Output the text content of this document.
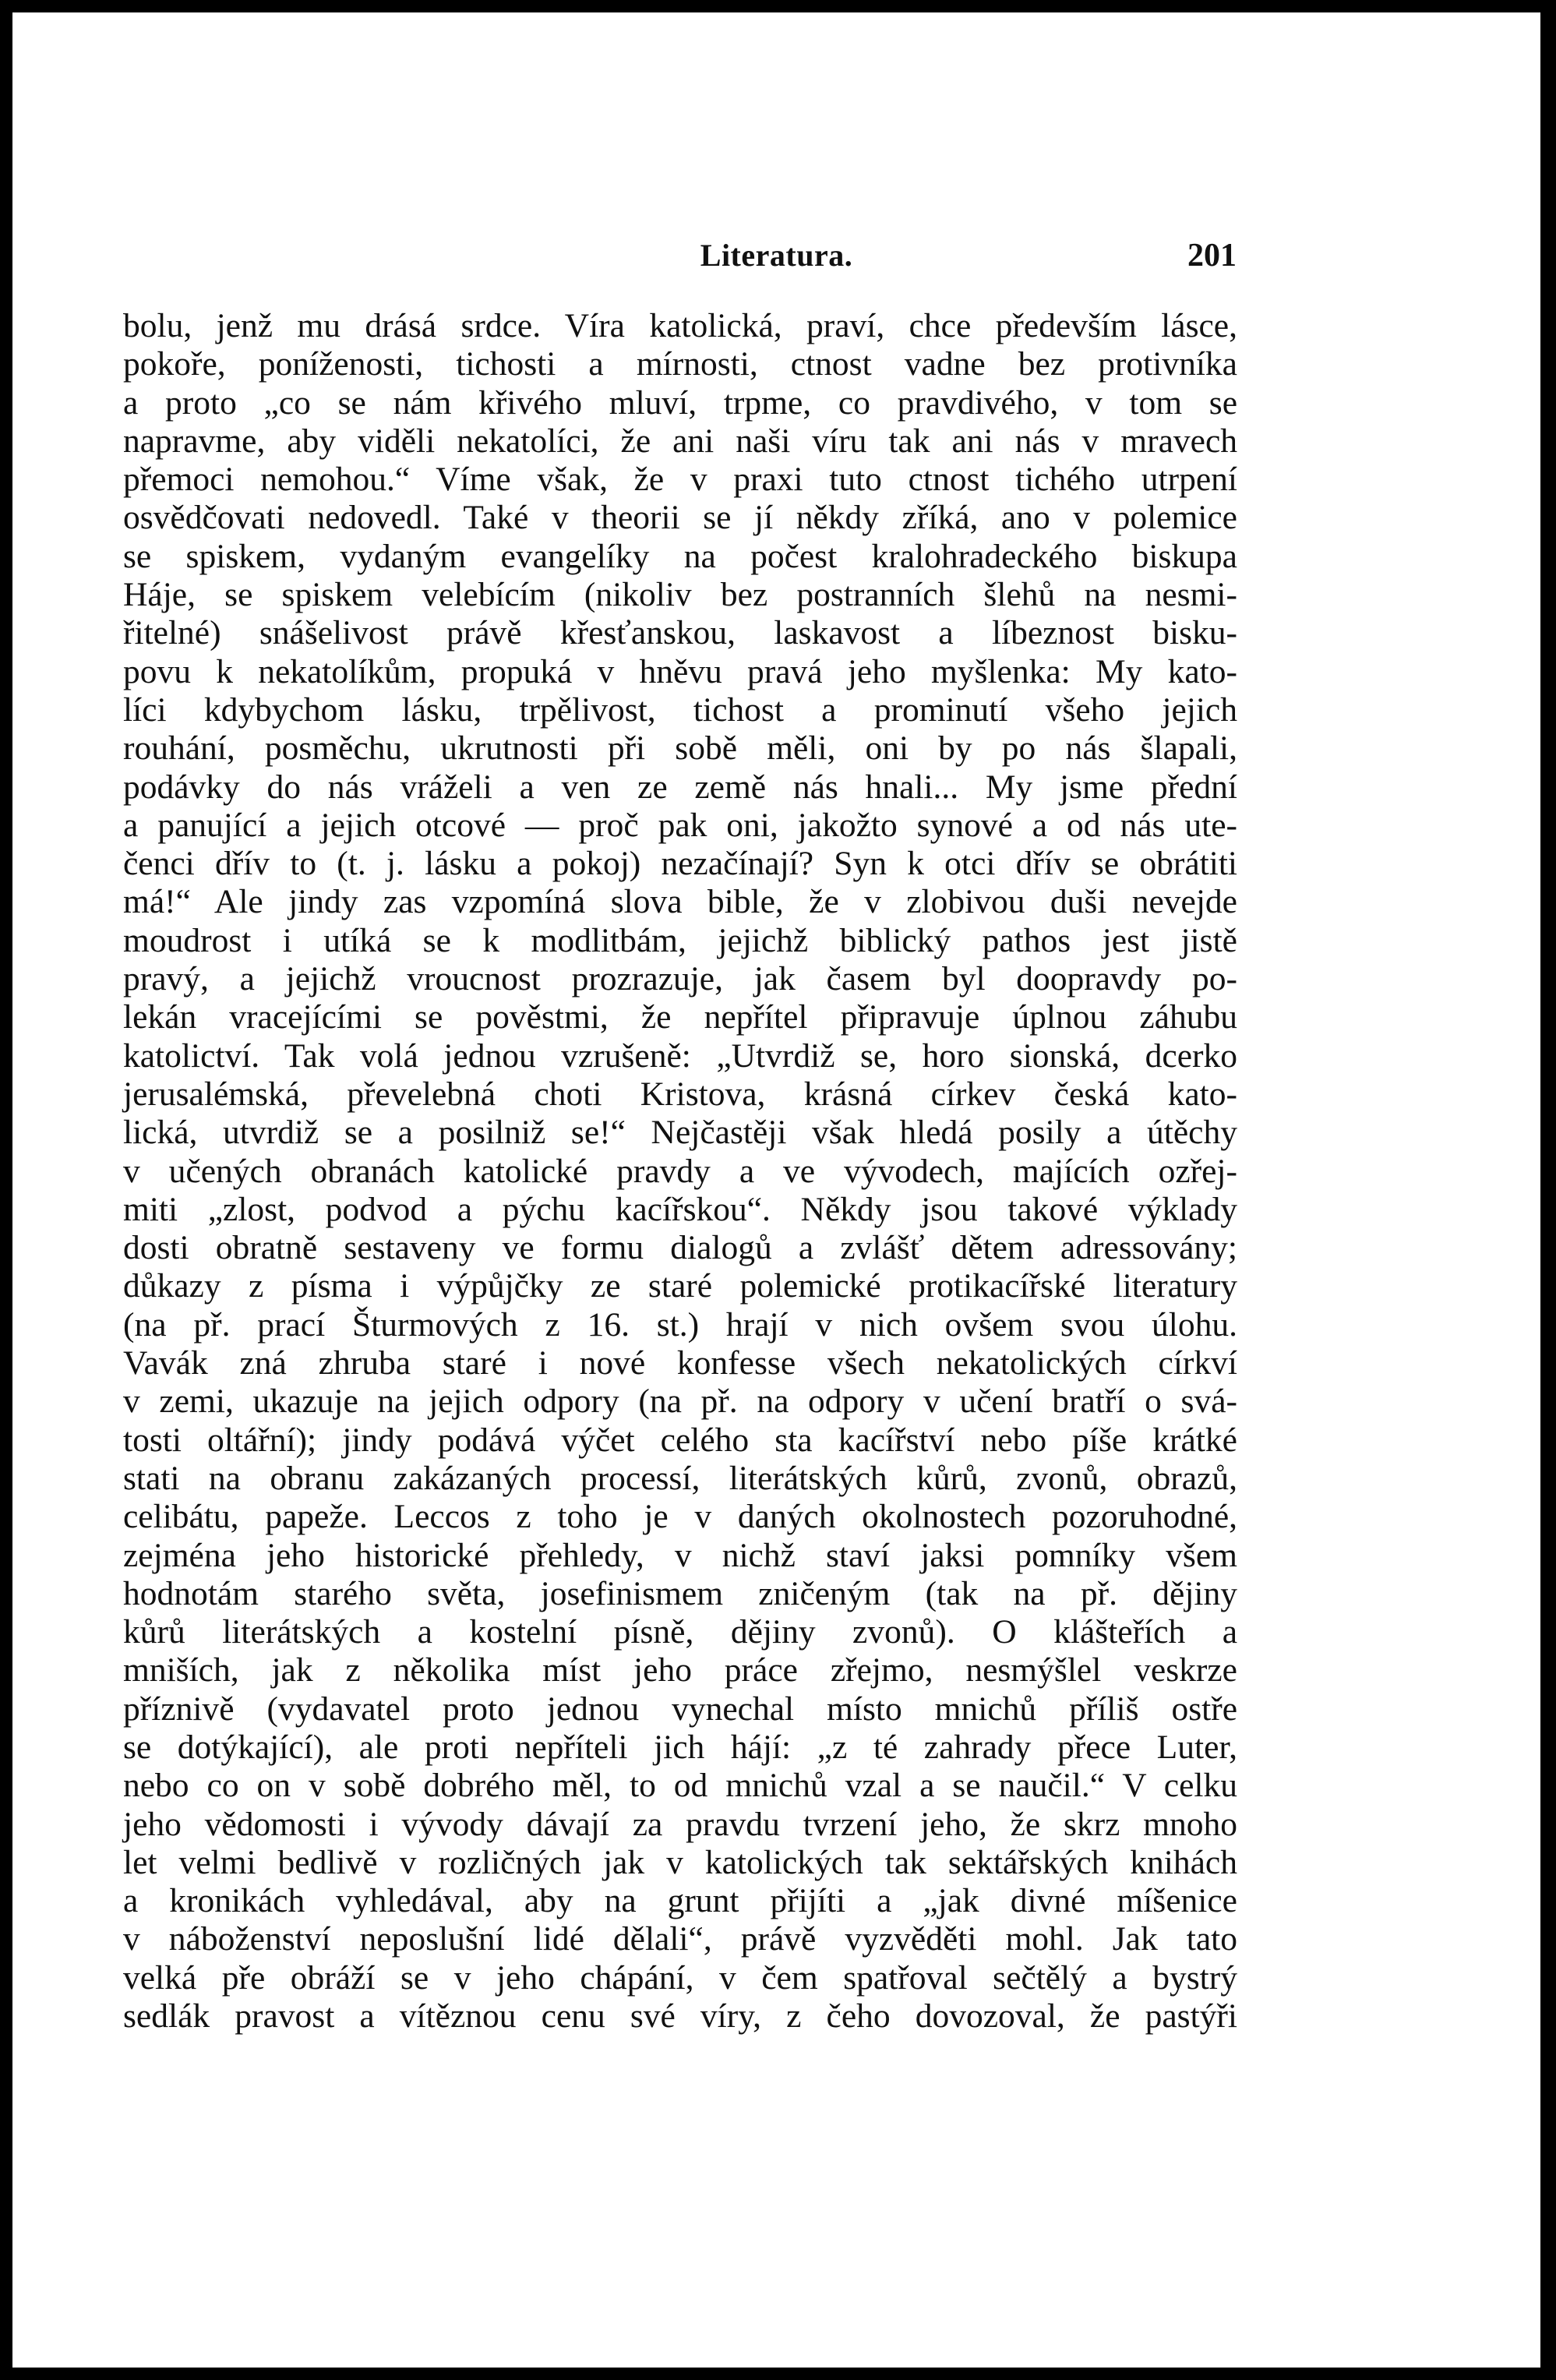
Literatura.	201
bolu, jenž mu drásá srdce. Víra katolická, praví, chce především lásce,
pokoře, poníženosti, tichosti a mírnosti, ctnost vadne bez protivníka
a proto „co se nám křivého mluví, trpme, co pravdivého, v tom se
napravme, aby viděli nekatolíci, že ani naši víru tak ani nás v mravech
přemoci nemohou.“ Víme však, že v praxi tuto ctnost tichého utrpení
osvědčovati nedovedl. Také v theorii se jí někdy zříká, ano v polemice
se spiskem, vydaným evangelíky na počest kralohradeckého biskupa
Háje, se spiskem velebícím (nikoliv bez postranních šlehů na nesmi-
řitelné) snášelivost právě křesťanskou, laskavost a líbeznost bisku-
povu k nekatolíkům, propuká v hněvu pravá jeho myšlenka: My kato-
líci kdybychom lásku, trpělivost, tichost a prominutí všeho jejich
rouhání, posměchu, ukrutnosti při sobě měli, oni by po nás šlapali,
podávky do nás vráželi a ven ze země nás hnali... My jsme přední
a panující a jejich otcové — proč pak oni, jakožto synové a od nás ute-
čenci dřív to (t. j. lásku a pokoj) nezačínají? Syn k otci dřív se obrátiti
má!“ Ale jindy zas vzpomíná slova bible, že v zlobivou duši nevejde
moudrost i utíká se k modlitbám, jejichž biblický pathos jest jistě
pravý, a jejichž vroucnost prozrazuje, jak časem byl doopravdy po-
lekán vracejícími se pověstmi, že nepřítel připravuje úplnou záhubu
katolictví. Tak volá jednou vzrušeně: „Utvrdiž se, horo sionská, dcerko
jerusalémská, převelebná choti Kristova, krásná církev česká kato-
lická, utvrdiž se a posilniž se!“ Nejčastěji však hledá posily a útěchy
v učených obranách katolické pravdy a ve vývodech, majících ozřej-
miti „zlost, podvod a pýchu kacířskou“. Někdy jsou takové výklady
dosti obratně sestaveny ve formu dialogů a zvlášť dětem adressovány;
důkazy z písma i výpůjčky ze staré polemické protikacířské literatury
(na př. prací Šturmových z 16. st.) hrají v nich ovšem svou úlohu.
Vavák zná zhruba staré i nové konfesse všech nekatolických církví
v zemi, ukazuje na jejich odpory (na př. na odpory v učení bratří o svá-
tosti oltářní); jindy podává výčet celého sta kacířství nebo píše krátké
stati na obranu zakázaných processí, literátských kůrů, zvonů, obrazů,
celibátu, papeže. Leccos z toho je v daných okolnostech pozoruhodné,
zejména jeho historické přehledy, v nichž staví jaksi pomníky všem
hodnotám starého světa, josefinismem zničeným (tak na př. dějiny
kůrů literátských a kostelní písně, dějiny zvonů). O klášteřích a
mniších, jak z několika míst jeho práce zřejmo, nesmýšlel veskrze
příznivě (vydavatel proto jednou vynechal místo mnichů příliš ostře
se dotýkající), ale proti nepříteli jich hájí: „z té zahrady přece Luter,
nebo co on v sobě dobrého měl, to od mnichů vzal a se naučil.“ V celku
jeho vědomosti i vývody dávají za pravdu tvrzení jeho, že skrz mnoho
let velmi bedlivě v rozličných jak v katolických tak sektářských knihách
a kronikách vyhledával, aby na grunt přijíti a „jak divné míšenice
v náboženství neposlušní lidé dělali“, právě vyzvěděti mohl. Jak tato
velká pře obráží se v jeho chápání, v čem spatřoval sečtělý a bystrý
sedlák pravost a vítěznou cenu své víry, z čeho dovozoval, že pastýři
